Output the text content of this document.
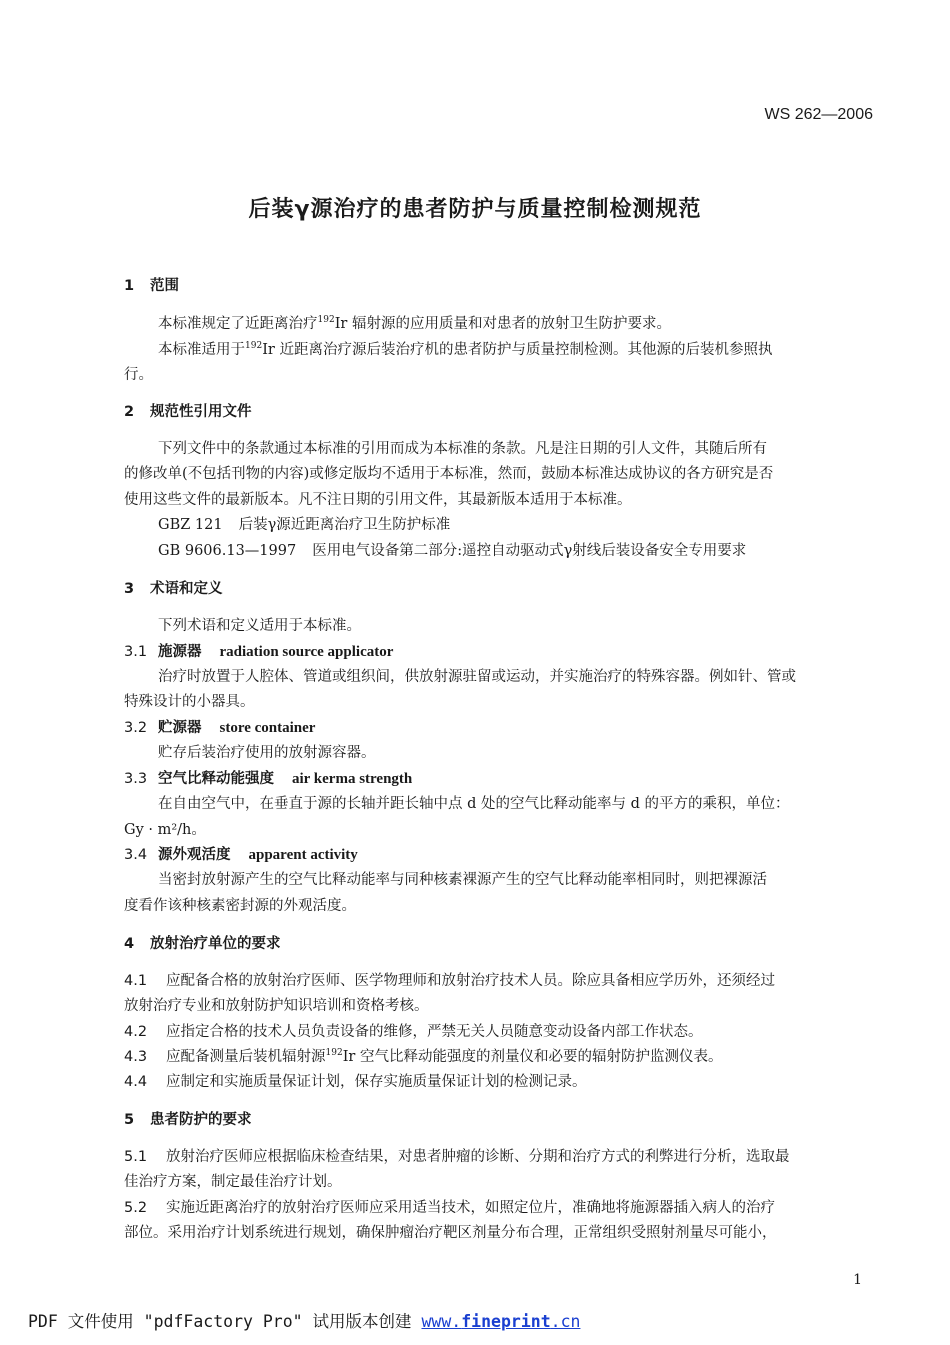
WS 262—2006
后装γ源治疗的患者防护与质量控制检测规范
1 范围
本标准规定了近距离治疗$^{192}$Ir 辐射源的应用质量和对患者的放射卫生防护要求。
本标准适用于$^{192}$Ir 近距离治疗源后装治疗机的患者防护与质量控制检测。其他源的后装机参照执
行。
2 规范性引用文件
下列文件中的条款通过本标准的引用而成为本标准的条款。凡是注日期的引人文件，其随后所有
的修改单(不包括刊物的内容)或修定版均不适用于本标准，然而，鼓励本标准达成协议的各方研究是否
使用这些文件的最新版本。凡不注日期的引用文件，其最新版本适用于本标准。
GBZ 121 后装γ源近距离治疗卫生防护标准
GB 9606.13—1997 医用电气设备第二部分:遥控自动驱动式γ射线后装设备安全专用要求
3 术语和定义
下列术语和定义适用于本标准。
3.1 施源器 radiation source applicator
治疗时放置于人腔体、管道或组织间，供放射源驻留或运动，并实施治疗的特殊容器。例如针、管或
特殊设计的小器具。
3.2 贮源器 store container
贮存后装治疗使用的放射源容器。
3.3 空气比释动能强度 air kerma strength
在自由空气中，在垂直于源的长轴并距长轴中点 d 处的空气比释动能率与 d 的平方的乘积，单位：
Gy · m²/h。
3.4 源外观活度 apparent activity
当密封放射源产生的空气比释动能率与同种核素裸源产生的空气比释动能率相同时，则把裸源活
度看作该种核素密封源的外观活度。
4 放射治疗单位的要求
4.1 应配备合格的放射治疗医师、医学物理师和放射治疗技术人员。除应具备相应学历外，还须经过
放射治疗专业和放射防护知识培训和资格考核。
4.2 应指定合格的技术人员负责设备的维修，严禁无关人员随意变动设备内部工作状态。
4.3 应配备测量后装机辐射源$^{192}$Ir 空气比释动能强度的剂量仪和必要的辐射防护监测仪表。
4.4 应制定和实施质量保证计划，保存实施质量保证计划的检测记录。
5 患者防护的要求
5.1 放射治疗医师应根据临床检查结果，对患者肿瘤的诊断、分期和治疗方式的利弊进行分析，选取最
佳治疗方案，制定最佳治疗计划。
5.2 实施近距离治疗的放射治疗医师应采用适当技术，如照定位片，准确地将施源器插入病人的治疗
部位。采用治疗计划系统进行规划，确保肿瘤治疗靶区剂量分布合理，正常组织受照射剂量尽可能小，
1
PDF 文件使用 "pdfFactory Pro" 试用版本创建 www.fineprint.cn
